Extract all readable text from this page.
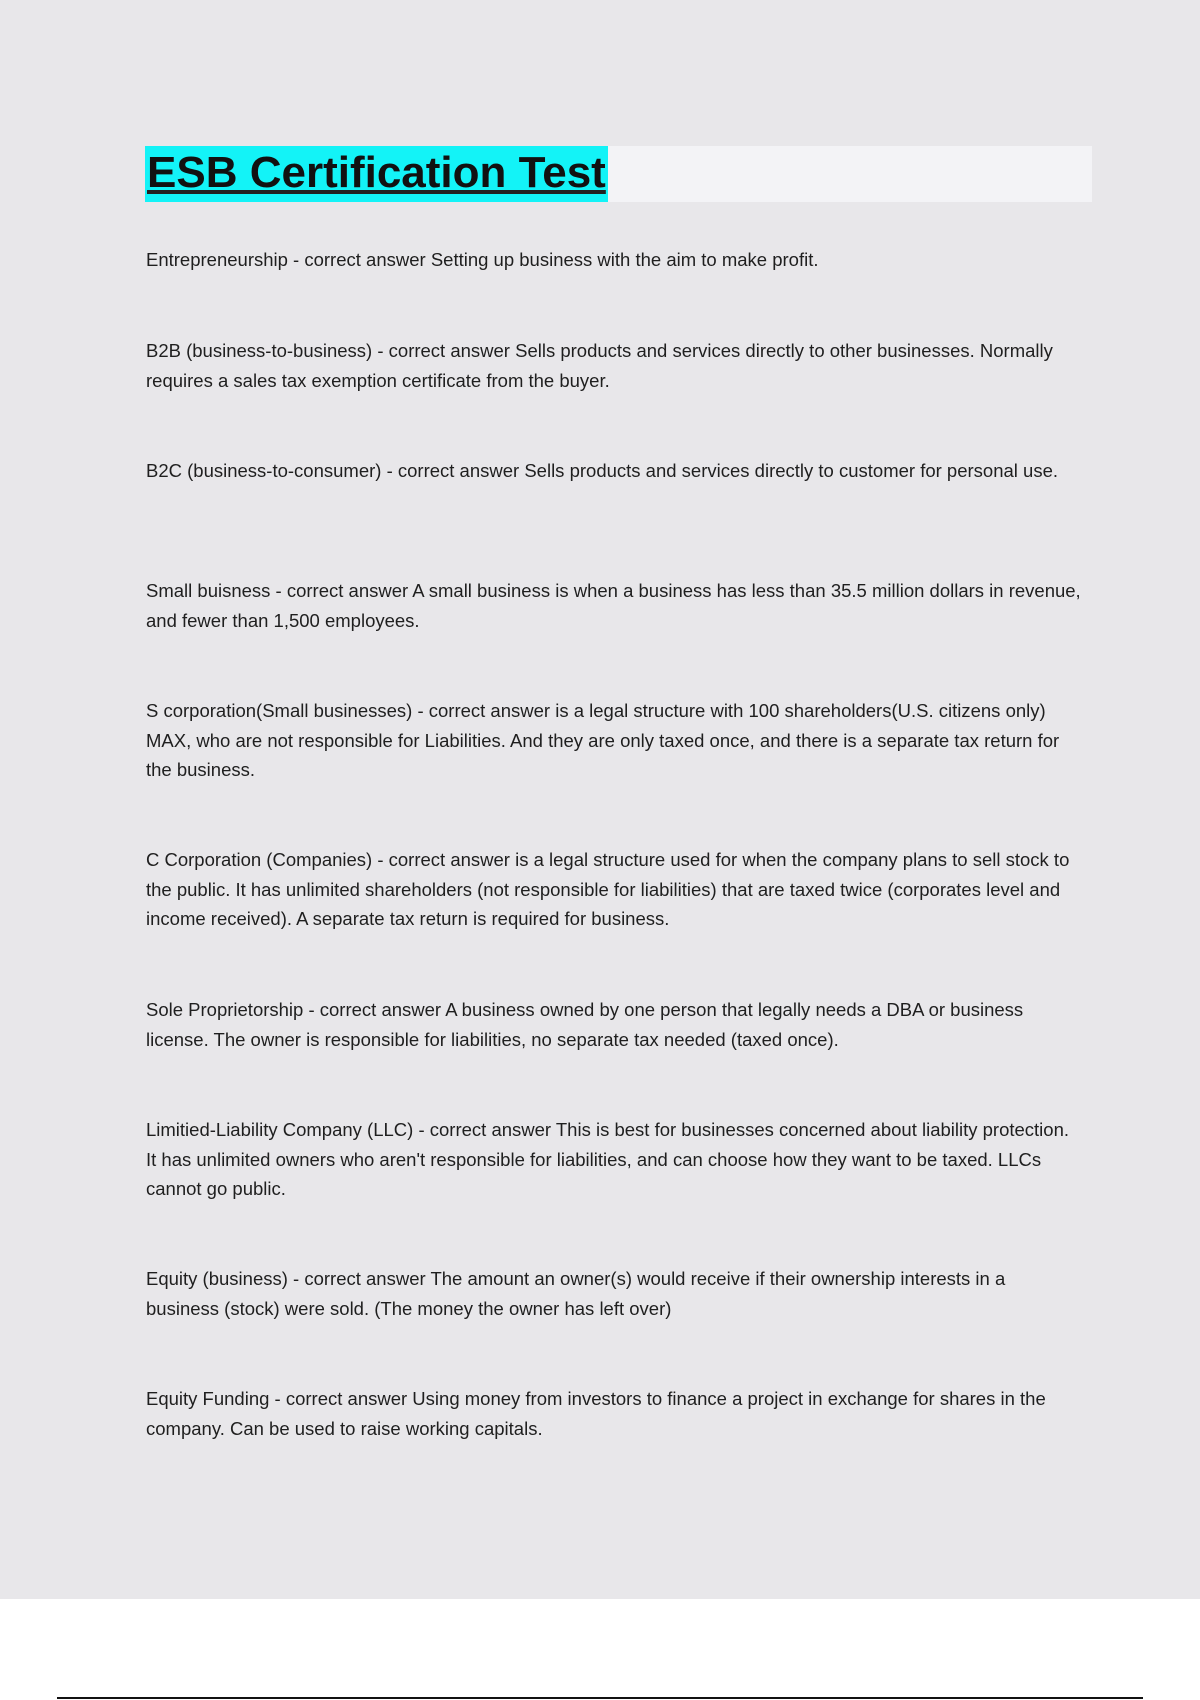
ESB Certification Test

Entrepreneurship - correct answer Setting up business with the aim to make profit.

B2B (business-to-business) - correct answer Sells products and services directly to other businesses. Normally requires a sales tax exemption certificate from the buyer.

B2C (business-to-consumer) - correct answer Sells products and services directly to customer for personal use.

Small buisness - correct answer A small business is when a business has less than 35.5 million dollars in revenue, and fewer than 1,500 employees.

S corporation(Small businesses) - correct answer is a legal structure with 100 shareholders(U.S. citizens only) MAX, who are not responsible for Liabilities. And they are only taxed once, and there is a separate tax return for the business.

C Corporation (Companies) - correct answer is a legal structure used for when the company plans to sell stock to the public. It has unlimited shareholders (not responsible for liabilities) that are taxed twice (corporates level and income received). A separate tax return is required for business.

Sole Proprietorship - correct answer A business owned by one person that legally needs a DBA or business license. The owner is responsible for liabilities, no separate tax needed (taxed once).

Limitied-Liability Company (LLC) - correct answer This is best for businesses concerned about liability protection. It has unlimited owners who aren't responsible for liabilities, and can choose how they want to be taxed. LLCs cannot go public.

Equity (business) - correct answer The amount an owner(s) would receive if their ownership interests in a business (stock) were sold. (The money the owner has left over)

Equity Funding - correct answer Using money from investors to finance a project in exchange for shares in the company. Can be used to raise working capitals.
